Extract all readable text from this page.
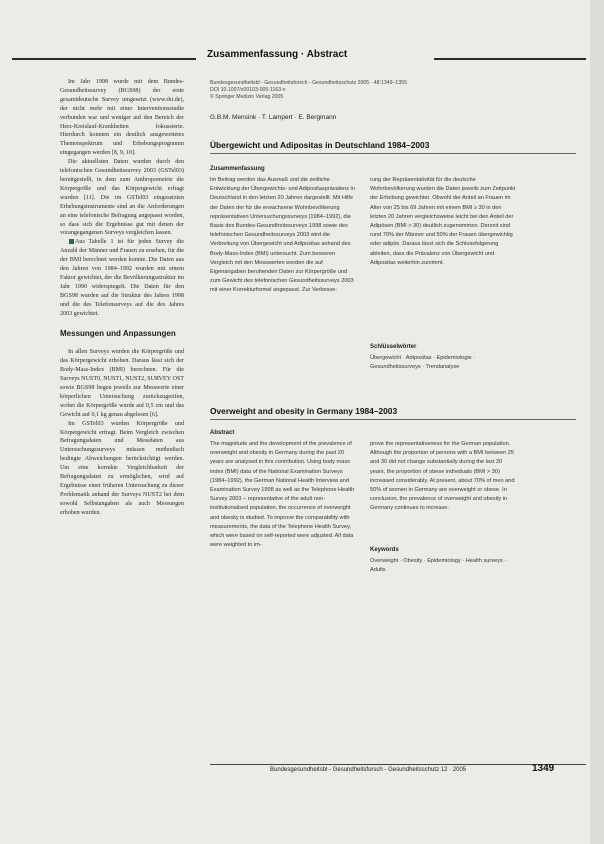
Zusammenfassung · Abstract

Im Jahr 1998 wurde mit dem Bundes-Gesundheitssurvey (BGS98) der erste gesamtdeutsche Survey umgesetzt (www.rki.de), der nicht mehr mit einer Interventionsstudie verbunden war und weniger auf den Bereich der Herz-Kreislauf-Krankheiten fokussierte. Hierdurch konnten ein deutlich ausgeweitetes Themenspektrum und Erhebungsprogramm eingegangen werden [8, 9, 10].

Die aktuellsten Daten wurden durch den telefonischen Gesundheitssurvey 2003 (GSTel03) bereitgestellt, in dem zum Anthropometrie die Körpergröße und das Körpergewicht erfragt wurden [11]. Die im GSTel03 eingesetzten Erhebungsinstrumente sind an die Anforderungen an eine telefonische Befragung angepasst worden, so dass sich die Ergebnisse gut mit denen der vorangegangenen Surveys vergleichen lassen.

Aus Tabelle 1 ist für jeden Survey die Anzahl der Männer und Frauen zu ersehen, für die der BMI berechnet werden konnte. Die Daten aus den Jahren von 1984–1992 wurden mit einem Faktor gewichtet, der die Bevölkerungsstruktur im Jahr 1990 widerspiegelt. Die Daten für den BGS98 wurden auf die Struktur des Jahres 1998 und die des Telefonsurveys auf die des Jahres 2003 gewichtet.

Messungen und Anpassungen

In allen Surveys wurden die Körpergröße und das Körpergewicht erhoben. Daraus lässt sich der Body-Mass-Index (BMI) berechnen. Für die Surveys NUST0, NUST1, NUST2, SURVEY OST sowie BGS98 liegen jeweils zur Messwerte einer körperlichen Untersuchung zurückzugreifen, wobei die Körpergröße wurde auf 0,5 cm und das Gewicht auf 0,1 kg genau abgelesen [6].

Im GSTel03 wurden Körpergröße und Körpergewicht erfragt. Beim Vergleich zwischen Befragungsdaten und Messdaten aus Untersuchungssurveys müssen methodisch bedingte Abweichungen berücksichtigt werden. Um eine korrekte Vergleichbarkeit der Befragungsdaten zu ermöglichen, wird auf Ergebnisse einer früheren Untersuchung zu dieser Problematik anhand der Surveys NUST2 bei dem sowohl Selbstangaben als auch Messungen erhoben wurden.

Bundesgesundheitsbl - Gesundheitsforsch - Gesundheitsschutz 2005 · 48:1349–1355
DOI 10.1007/s00103-005-1163-x
© Springer Medizin Verlag 2005
G.B.M. Mensink · T. Lampert · E. Bergmann
Übergewicht und Adipositas in Deutschland 1984–2003
Zusammenfassung
Im Beitrag werden das Ausmaß und die zeitliche Entwicklung der Übergewichts- und Adipositasprävalenz in Deutschland in den letzten 20 Jahren dargestellt. Mit Hilfe der Daten der für die erwachsene Wohnbevölkerung repräsentativen Untersuchungssurveys (1984–1992), die Basis des Bundes-Gesundheitssurveys 1998 sowie des telefonischen Gesundheitssurveys 2003 wird die Verbreitung von Übergewicht und Adipositas anhand des Body-Mass-Index (BMI) untersucht. Zum besseren Vergleich mit den Messwerten werden die auf Eigenangaben beruhenden Daten zur Körpergröße und zum Gewicht des telefonischen Gesundheitssurveys 2003 mit einer Korrekturformel angepasst. Zur Verbesse-
rung der Repräsentativität für die deutsche Wohnbevölkerung wurden die Daten jeweils zum Zeitpunkt der Erhebung gewichtet. Obwohl der Anteil an Frauen im Alter von 25 bis 69 Jahren mit einem BMI ≥ 30 in den letzten 20 Jahren vergleichsweise leicht bei den Anteil der Adipösen (BMI > 30) deutlich zugenommen. Derzeit sind rund 70% der Männer und 50% der Frauen übergewichtig oder adipös. Daraus lässt sich die Schlussfolgerung ableiten, dass die Prävalenz von Übergewicht und Adipositas weiterhin zunimmt.
Schlüsselwörter
Übergewicht · Adipositas · Epidemiologie · Gesundheitssurveys · Trendanalyse
Overweight and obesity in Germany 1984–2003
Abstract
The magnitude and the development of the prevalence of overweight and obesity in Germany during the past 20 years are analysed in this contribution. Using body mass index (BMI) data of the National Examination Surveys (1984–1992), the German National Health Interview and Examination Survey 1998 as well as the Telephone Health Survey 2003 – representative of the adult non-institutionalised population, the occurrence of overweight and obesity is studied. To improve the comparability with measurements, the data of the Telephone Health Survey, which were based on self-reported were adjusted. All data were weighted to im-
prove the representativeness for the German population. Although the proportion of persons with a BMI between 25 and 30 did not change substantially during the last 20 years, the proportion of obese individuals (BMI > 30) increased considerably. At present, about 70% of men and 50% of women in Germany are overweight or obese. In conclusion, the prevalence of overweight and obesity in Germany continues to increase.
Keywords
Overweight · Obesity · Epidemiology · Health surveys · Adults
Bundesgesundheitsbl - Gesundheitsforsch - Gesundheitsschutz 12 · 2005	1349
